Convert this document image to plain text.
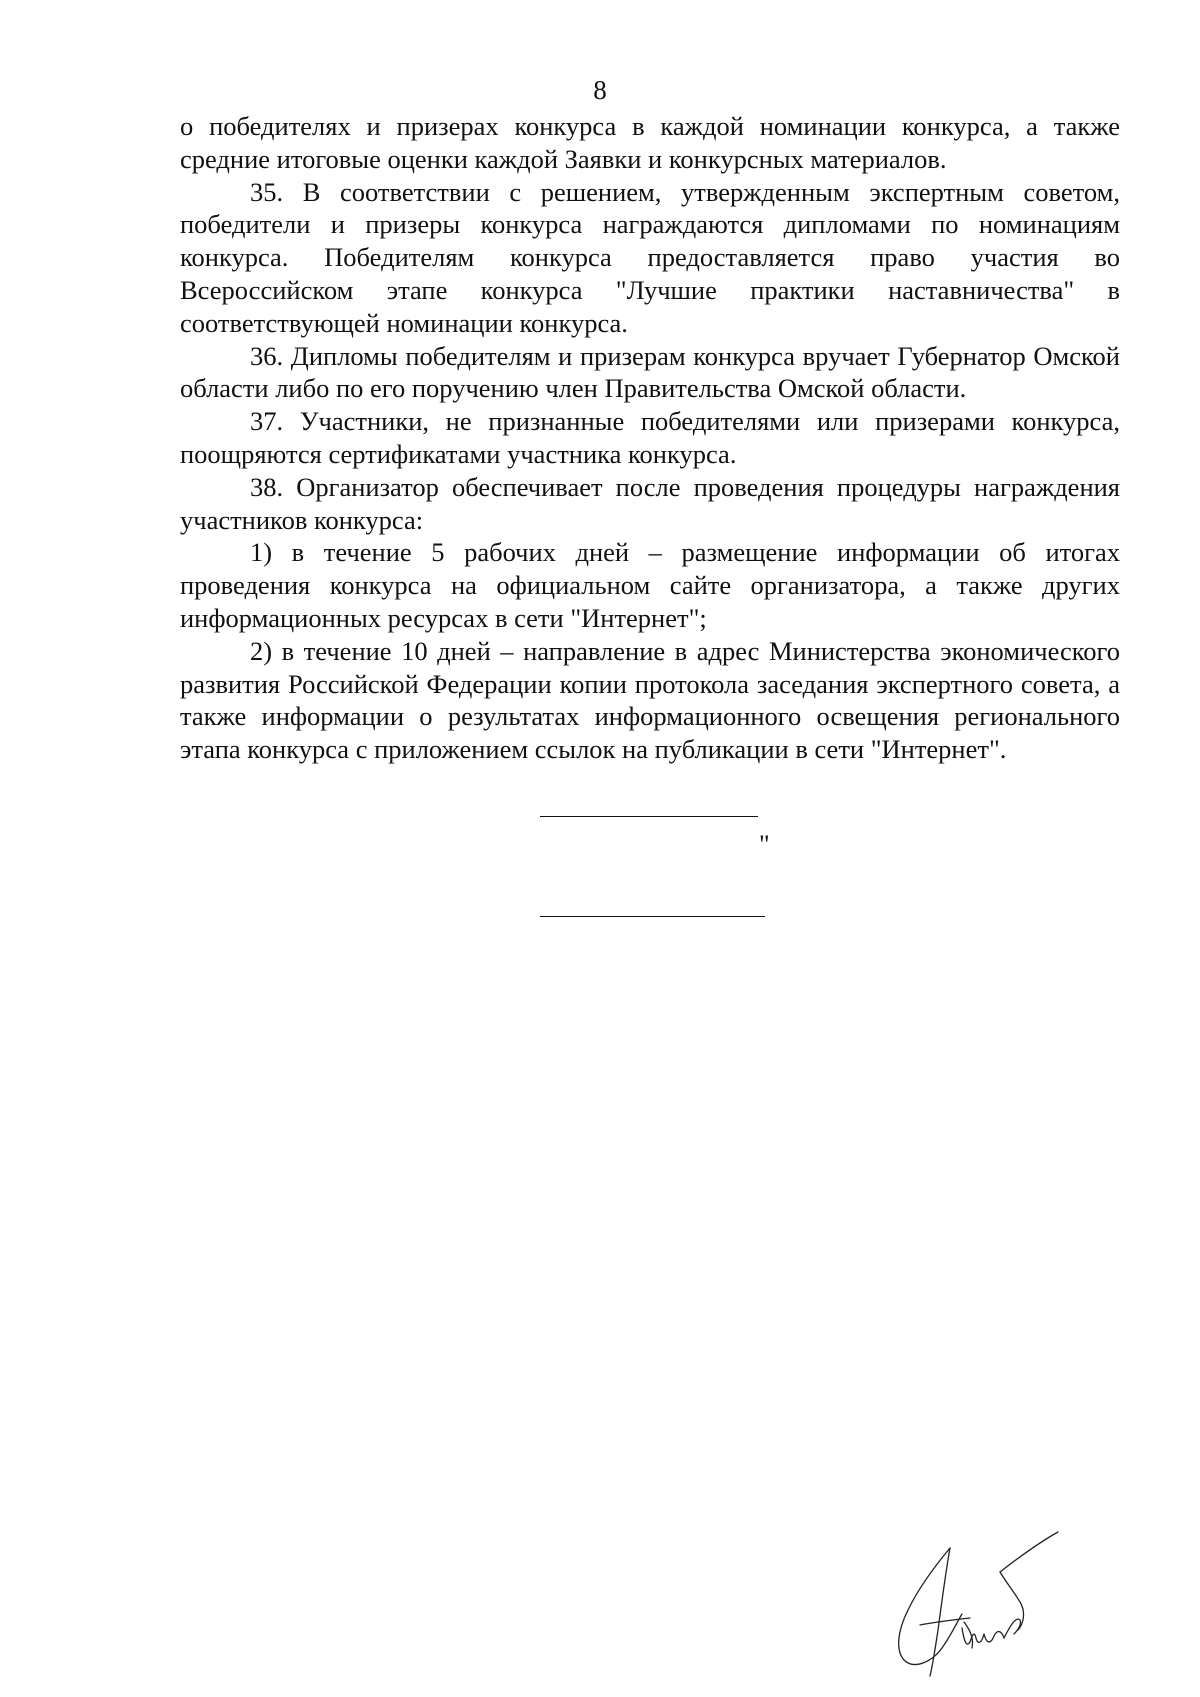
8

о победителях и призерах конкурса в каждой номинации конкурса, а также средние итоговые оценки каждой Заявки и конкурсных материалов.

35. В соответствии с решением, утвержденным экспертным советом, победители и призеры конкурса награждаются дипломами по номинациям конкурса. Победителям конкурса предоставляется право участия во Всероссийском этапе конкурса "Лучшие практики наставничества" в соответствующей номинации конкурса.

36. Дипломы победителям и призерам конкурса вручает Губернатор Омской области либо по его поручению член Правительства Омской области.

37. Участники, не признанные победителями или призерами конкурса, поощряются сертификатами участника конкурса.

38. Организатор обеспечивает после проведения процедуры награждения участников конкурса:

1) в течение 5 рабочих дней – размещение информации об итогах проведения конкурса на официальном сайте организатора, а также других информационных ресурсах в сети "Интернет";

2) в течение 10 дней – направление в адрес Министерства экономического развития Российской Федерации копии протокола заседания экспертного совета, а также информации о результатах информационного освещения регионального этапа конкурса с приложением ссылок на публикации в сети "Интернет".

"
